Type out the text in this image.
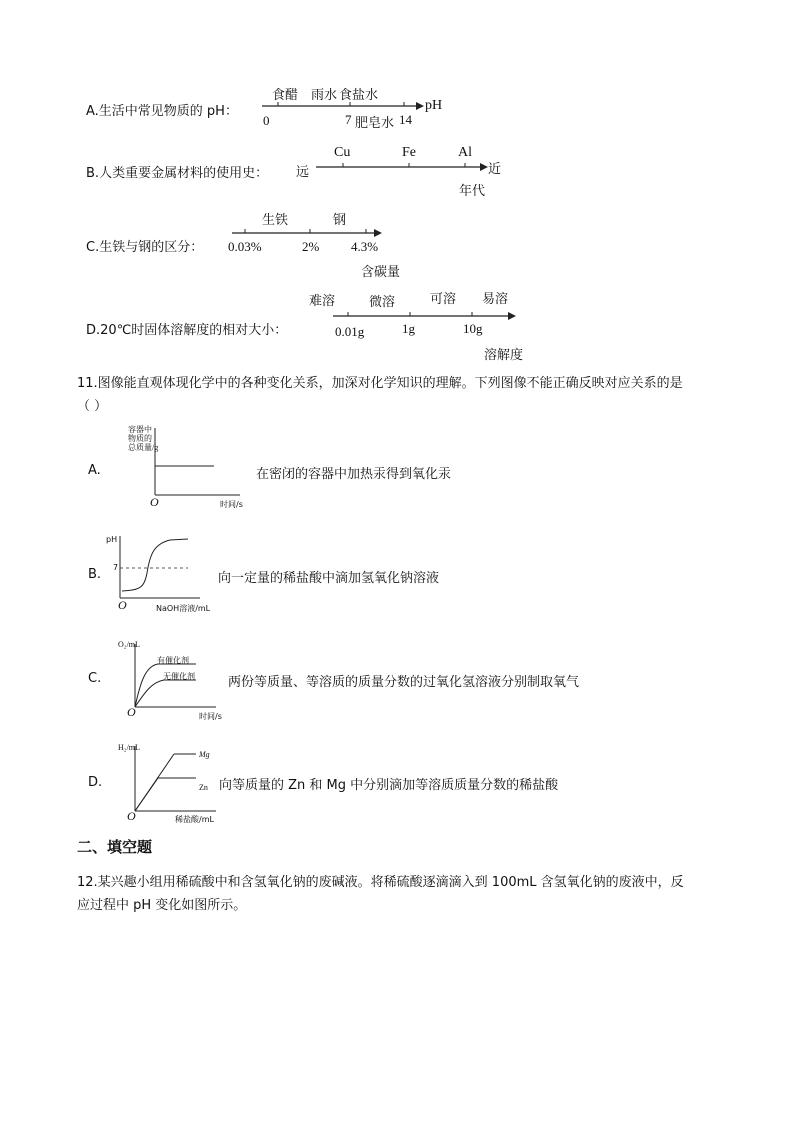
A.生活中常见物质的 pH：
食醋 雨水 食盐水
0	7 肥皂水 14
pH
B.人类重要金属材料的使用史： 远
Cu	Fe	Al
近
年代
C.生铁与钢的区分：
生铁	钢
0.03%	2% 4.3%
含碳量
D.20℃时固体溶解度的相对大小：
难溶	微溶	可溶 易溶
0.01g	1g	10g
溶解度
11.图像能直观体现化学中的各种变化关系，加深对化学知识的理解。下列图像不能正确反映对应关系的是
（ ）
A.
容器中
物质的
总质量/g
O	时间/s
在密闭的容器中加热汞得到氧化汞
B.
pH
7
O	NaOH溶液/mL
向一定量的稀盐酸中滴加氢氧化钠溶液
C.
O₂/mL
有催化剂
无催化剂
O	时间/s
两份等质量、等溶质的质量分数的过氧化氢溶液分别制取氧气
D.
H₂/mL
Mg
Zn
O	稀盐酸/mL
向等质量的 Zn 和 Mg 中分别滴加等溶质质量分数的稀盐酸
二、填空题
12.某兴趣小组用稀硫酸中和含氢氧化钠的废碱液。将稀硫酸逐滴滴入到 100mL 含氢氧化钠的废液中，反
应过程中 pH 变化如图所示。
